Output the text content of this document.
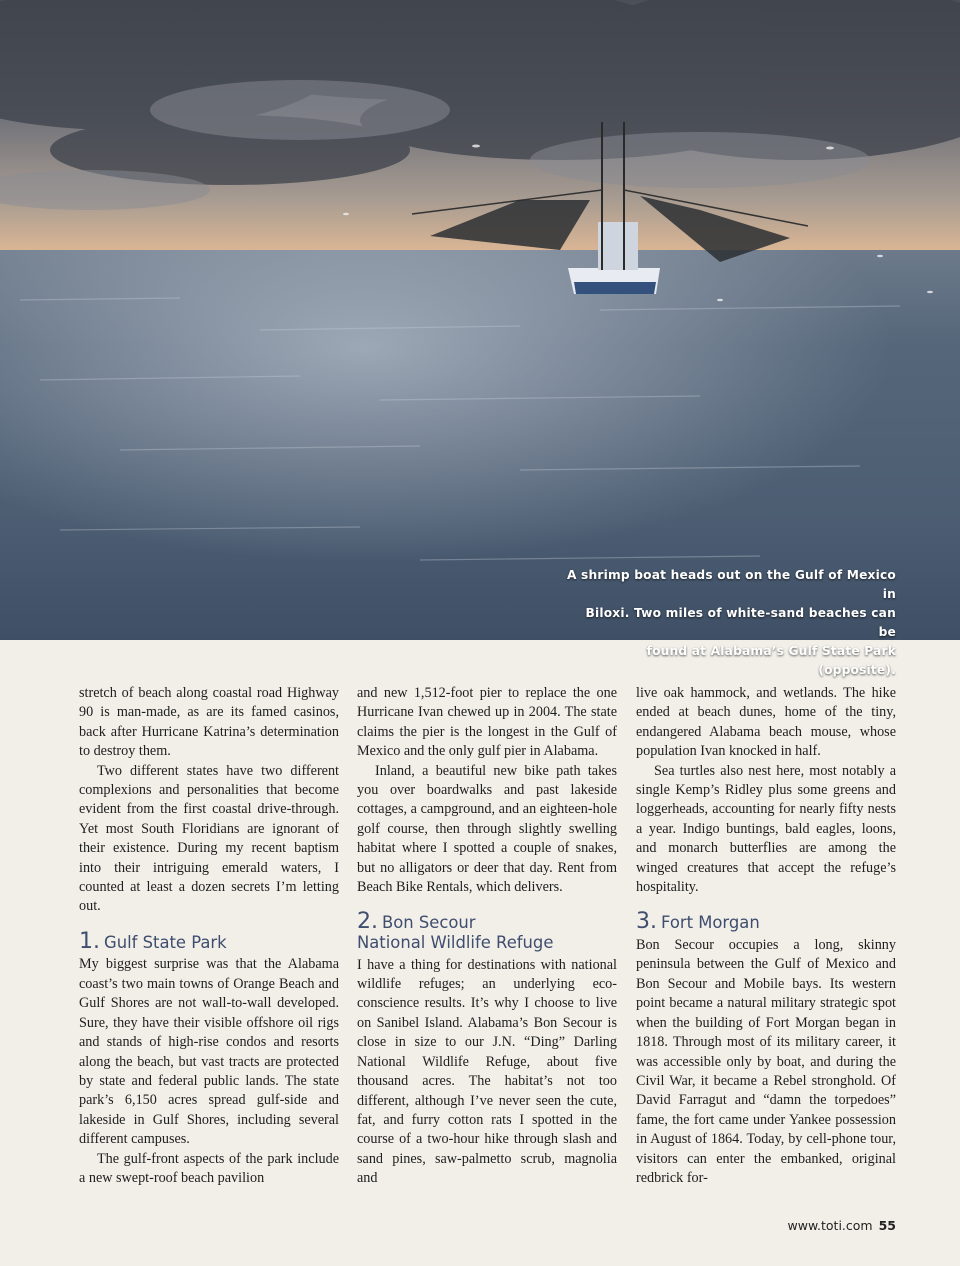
A shrimp boat heads out on the Gulf of Mexico in
Biloxi. Two miles of white-sand beaches can be
found at Alabama’s Gulf State Park (opposite).

stretch of beach along coastal road Highway 90 is man-made, as are its famed casinos, back after Hurricane Katrina’s determination to destroy them.

Two different states have two different complexions and personalities that become evident from the first coastal drive-through. Yet most South Floridians are ignorant of their existence. During my recent baptism into their intriguing emerald waters, I counted at least a dozen secrets I’m letting out.

1. Gulf State Park

My biggest surprise was that the Alabama coast’s two main towns of Orange Beach and Gulf Shores are not wall-to-wall developed. Sure, they have their visible offshore oil rigs and stands of high-rise condos and resorts along the beach, but vast tracts are protected by state and federal public lands. The state park’s 6,150 acres spread gulf-side and lakeside in Gulf Shores, including several different campuses.

The gulf-front aspects of the park include a new swept-roof beach pavilion

and new 1,512-foot pier to replace the one Hurricane Ivan chewed up in 2004. The state claims the pier is the longest in the Gulf of Mexico and the only gulf pier in Alabama.

Inland, a beautiful new bike path takes you over boardwalks and past lakeside cottages, a campground, and an eighteen-hole golf course, then through slightly swelling habitat where I spotted a couple of snakes, but no alligators or deer that day. Rent from Beach Bike Rentals, which delivers.

2. Bon Secour
National Wildlife Refuge

I have a thing for destinations with national wildlife refuges; an underlying eco-conscience results. It’s why I choose to live on Sanibel Island. Alabama’s Bon Secour is close in size to our J.N. “Ding” Darling National Wildlife Refuge, about five thousand acres. The habitat’s not too different, although I’ve never seen the cute, fat, and furry cotton rats I spotted in the course of a two-hour hike through slash and sand pines, saw-palmetto scrub, magnolia and

live oak hammock, and wetlands. The hike ended at beach dunes, home of the tiny, endangered Alabama beach mouse, whose population Ivan knocked in half.

Sea turtles also nest here, most notably a single Kemp’s Ridley plus some greens and loggerheads, accounting for nearly fifty nests a year. Indigo buntings, bald eagles, loons, and monarch butterflies are among the winged creatures that accept the refuge’s hospitality.

3. Fort Morgan

Bon Secour occupies a long, skinny peninsula between the Gulf of Mexico and Bon Secour and Mobile bays. Its western point became a natural military strategic spot when the building of Fort Morgan began in 1818. Through most of its military career, it was accessible only by boat, and during the Civil War, it became a Rebel stronghold. Of David Farragut and “damn the torpedoes” fame, the fort came under Yankee possession in August of 1864. Today, by cell-phone tour, visitors can enter the embanked, original redbrick for-

www.toti.com 55
